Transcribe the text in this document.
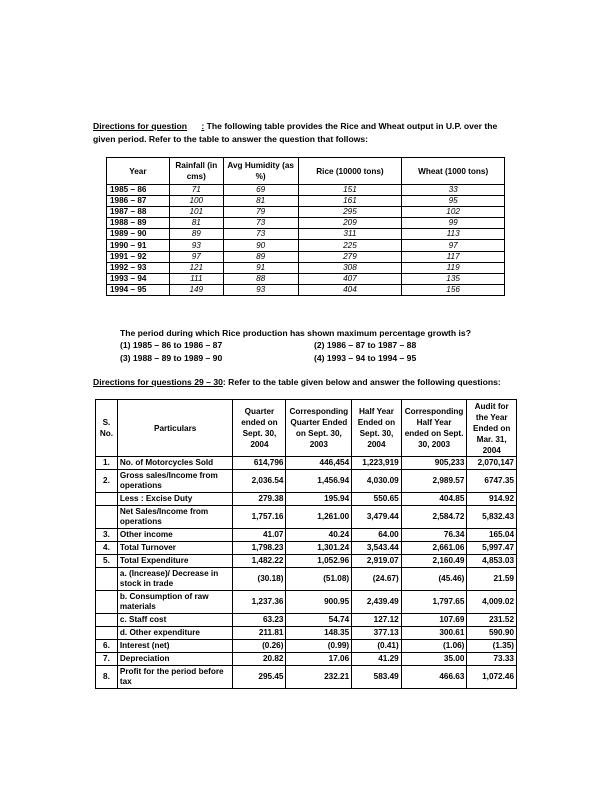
Directions for question : The following table provides the Rice and Wheat output in U.P. over the
given period. Refer to the table to answer the question that follows:
Year	Rainfall (in cms)	Avg Humidity (as %)	Rice (10000 tons)	Wheat (1000 tons)
1985 – 86	71	69	151	33
1986 – 87	100	81	161	95
1987 – 88	101	79	295	102
1988 – 89	81	73	209	99
1989 – 90	89	73	311	113
1990 – 91	93	90	225	97
1991 – 92	97	89	279	117
1992 – 93	121	91	308	119
1993 – 94	111	88	407	135
1994 – 95	149	93	404	156
The period during which Rice production has shown maximum percentage growth is?
(1) 1985 – 86 to 1986 – 87	(2) 1986 – 87 to 1987 – 88
(3) 1988 – 89 to 1989 – 90	(4) 1993 – 94 to 1994 – 95
Directions for questions 29 – 30: Refer to the table given below and answer the following questions:
S. No.	Particulars	Quarter ended on Sept. 30, 2004	Corresponding Quarter Ended on Sept. 30, 2003	Half Year Ended on Sept. 30, 2004	Corresponding Half Year ended on Sept. 30, 2003	Audit for the Year Ended on Mar. 31, 2004
1.	No. of Motorcycles Sold	614,796	446,454	1,223,919	905,233	2,070,147
2.	Gross sales/Income from operations	2,036.54	1,456.94	4,030.09	2,989.57	6747.35
	Less : Excise Duty	279.38	195.94	550.65	404.85	914.92
	Net Sales/Income from operations	1,757.16	1,261.00	3,479.44	2,584.72	5,832.43
3.	Other income	41.07	40.24	64.00	76.34	165.04
4.	Total Turnover	1,798.23	1,301.24	3,543.44	2,661.06	5,997.47
5.	Total Expenditure	1,482.22	1,052.96	2,919.07	2,160.49	4,853.03
	a. (Increase)/ Decrease in stock in trade	(30.18)	(51.08)	(24.67)	(45.46)	21.59
	b. Consumption of raw materials	1,237.36	900.95	2,439.49	1,797.65	4,009.02
	c. Staff cost	63.23	54.74	127.12	107.69	231.52
	d. Other expenditure	211.81	148.35	377.13	300.61	590.90
6.	Interest (net)	(0.26)	(0.99)	(0.41)	(1.06)	(1.35)
7.	Depreciation	20.82	17.06	41.29	35.00	73.33
8.	Profit for the period before tax	295.45	232.21	583.49	466.63	1,072.46
